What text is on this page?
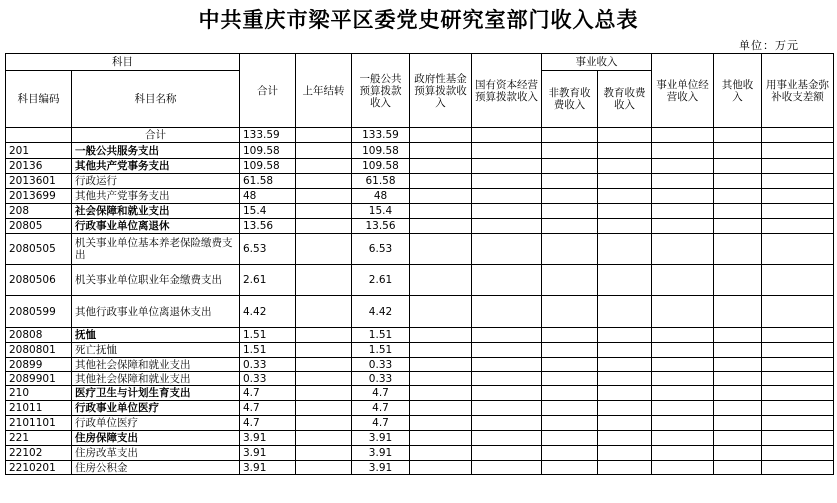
中共重庆市梁平区委党史研究室部门收入总表
单位：万元
科目		合计	上年结转	一般公共预算拨款收入	政府性基金预算拨款收入	国有资本经营预算拨款收入	事业收入		事业单位经营收入	其他收入	用事业基金弥补收支差额
科目编码	科目名称						非教育收费收入	教育收费收入			

	合计	133.59		133.59							
201	一般公共服务支出	109.58		109.58							
20136	其他共产党事务支出	109.58		109.58							
2013601	行政运行	61.58		61.58							
2013699	其他共产党事务支出	48		48							
208	社会保障和就业支出	15.4		15.4							
20805	行政事业单位离退休	13.56		13.56							
2080505	机关事业单位基本养老保险缴费支出	6.53		6.53							
2080506	机关事业单位职业年金缴费支出	2.61		2.61							
2080599	其他行政事业单位离退休支出	4.42		4.42							
20808	抚恤	1.51		1.51							
2080801	死亡抚恤	1.51		1.51							
20899	其他社会保障和就业支出	0.33		0.33							
2089901	其他社会保障和就业支出	0.33		0.33							
210	医疗卫生与计划生育支出	4.7		4.7							
21011	行政事业单位医疗	4.7		4.7							
2101101	行政单位医疗	4.7		4.7							
221	住房保障支出	3.91		3.91							
22102	住房改革支出	3.91		3.91							
2210201	住房公积金	3.91		3.91							
